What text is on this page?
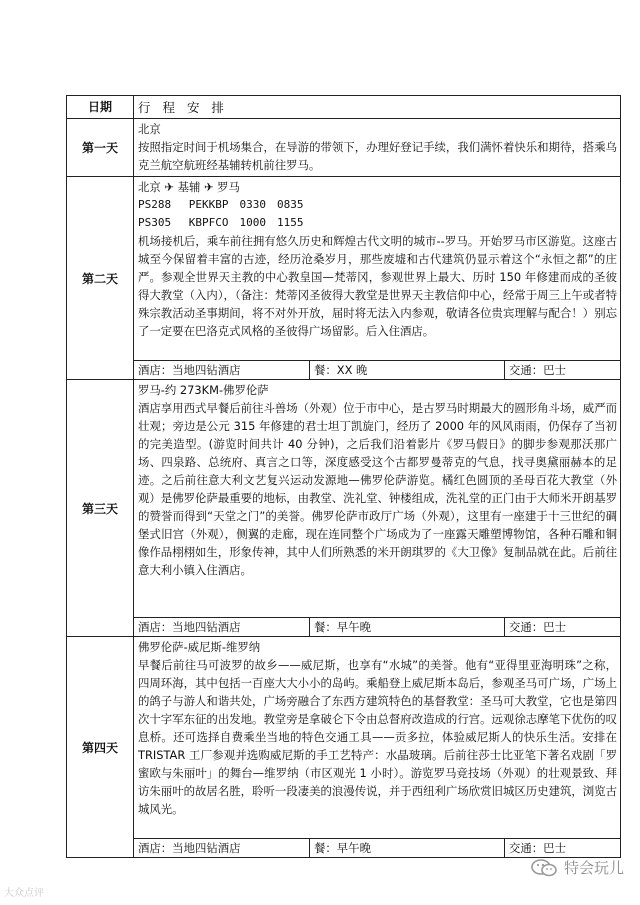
日期	行 程 安 排
第一天	北京
按照指定时间于机场集合，在导游的带领下，办理好登记手续，我们满怀着快乐和期待，搭乘乌克兰航空航班经基辅转机前往罗马。

第二天	北京 ✈ 基辅 ✈ 罗马
PS288　 PEKKBP　0330　0835
PS305　 KBPFCO　1000　1155
机场接机后，乘车前往拥有悠久历史和辉煌古代文明的城市--罗马。开始罗马市区游览。这座古城至今保留着丰富的古迹，经历沧桑岁月，那些废墟和古代建筑仍显示着这个“永恒之都”的庄严。参观全世界天主教的中心教皇国—梵蒂冈，参观世界上最大、历时 150 年修建而成的圣彼得大教堂（入内），（备注：梵蒂冈圣彼得大教堂是世界天主教信仰中心，经常于周三上午或者特殊宗教活动圣事期间，将不对外开放，届时将无法入内参观，敬请各位贵宾理解与配合！）别忘了一定要在巴洛克式风格的圣彼得广场留影。后入住酒店。

	酒店：当地四钻酒店 餐：XX 晚 交通：巴士

第三天	罗马-约 273KM-佛罗伦萨
酒店享用西式早餐后前往斗兽场（外观）位于市中心，是古罗马时期最大的圆形角斗场，威严而壮观；旁边是公元 315 年修建的君士坦丁凯旋门，经历了 2000 年的风风雨雨，仍保存了当初的完美造型。(游览时间共计 40 分钟)，之后我们沿着影片《罗马假日》的脚步参观那沃那广场、四泉路、总统府、真言之口等，深度感受这个古都罗曼蒂克的气息，找寻奥黛丽赫本的足迹。之后前往意大利文艺复兴运动发源地—佛罗伦萨游览。橘红色圆顶的圣母百花大教堂（外观）是佛罗伦萨最重要的地标，由教堂、洗礼堂、钟楼组成，洗礼堂的正门由于大师米开朗基罗的赞誉而得到“天堂之门”的美誉。佛罗伦萨市政厅广场（外观），这里有一座建于十三世纪的碉堡式旧宫（外观），侧翼的走廊，现在连同整个广场成为了一座露天雕塑博物馆，各种石雕和铜像作品栩栩如生，形象传神，其中人们所熟悉的米开朗琪罗的《大卫像》复制品就在此。后前往意大利小镇入住酒店。

	酒店：当地四钻酒店 餐：早午晚 交通：巴士

第四天	佛罗伦萨-威尼斯-维罗纳
早餐后前往马可波罗的故乡——威尼斯，也享有“水城”的美誉。他有“亚得里亚海明珠”之称，四周环海，其中包括一百座大大小小的岛屿。乘船登上威尼斯本岛后，参观圣马可广场，广场上的鸽子与游人和谐共处，广场旁融合了东西方建筑特色的基督教堂：圣马可大教堂，它也是第四次十字军东征的出发地。教堂旁是拿破仑下令由总督府改造成的行宫。远观徐志摩笔下优伤的叹息桥。还可选择自费乘坐当地的特色交通工具——贡多拉，体验威尼斯人的快乐生活。安排在 TRISTAR 工厂参观并选购威尼斯的手工艺特产：水晶玻璃。后前往莎士比亚笔下著名戏剧「罗蜜欧与朱丽叶」的舞台—维罗纳（市区观光 1 小时）。游览罗马竞技场（外观）的壮观景致、拜访朱丽叶的故居名胜，聆听一段凄美的浪漫传说，并于西纽利广场欣赏旧城区历史建筑，浏览古城风光。

	酒店：当地四钻酒店 餐：早午晚 交通：巴士
大众点评
特会玩儿
